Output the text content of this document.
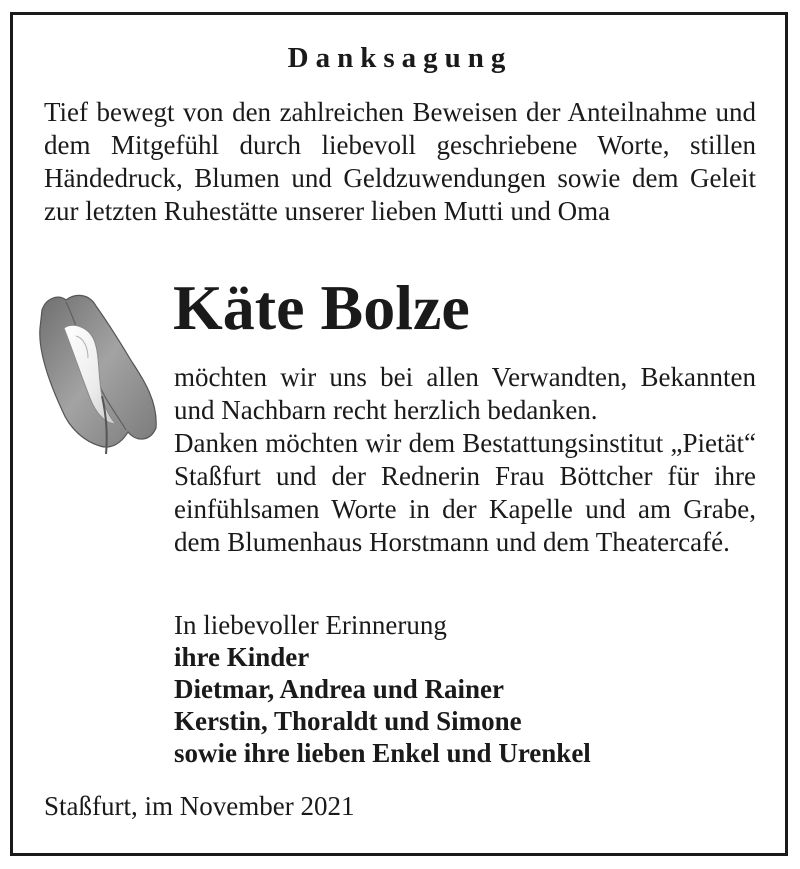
Danksagung

Tief bewegt von den zahlreichen Beweisen der Anteilnahme und dem Mitgefühl durch liebevoll geschriebene Worte, stillen Händedruck, Blumen und Geldzuwendungen sowie dem Geleit zur letzten Ruhestätte unserer lieben Mutti und Oma

Käte Bolze

möchten wir uns bei allen Verwandten, Bekannten und Nachbarn recht herzlich bedanken.

Danken möchten wir dem Bestattungsinstitut „Pietät“ Staßfurt und der Rednerin Frau Böttcher für ihre einfühlsamen Worte in der Kapelle und am Grabe, dem Blumenhaus Horstmann und dem Theatercafé.

In liebevoller Erinnerung
ihre Kinder
Dietmar, Andrea und Rainer
Kerstin, Thoraldt und Simone
sowie ihre lieben Enkel und Urenkel
Staßfurt, im November 2021
